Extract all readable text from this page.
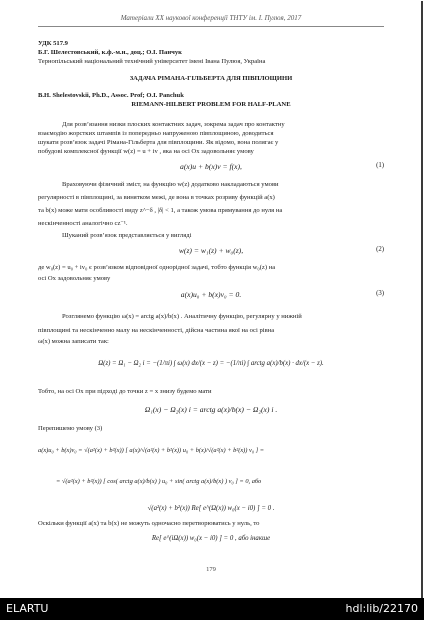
Матеріали XX наукової конференції ТНТУ ім. І. Пулюя, 2017
УДК 517.9
Б.Г. Шелестовський, к.ф.-м.н., доц.; О.І. Панчук
Тернопільський національний технічний університет імені Івана Пулюя, Україна
ЗАДАЧА РІМАНА-ГІЛЬБЕРТА ДЛЯ ПІВПЛОЩИНИ
B.H. Shelestovskii, Ph.D., Assoc. Prof; O.I. Panchuk
RIEMANN-HILBERT PROBLEM FOR HALF-PLANE
Для розв’язання низки плоских контактних задач, зокрема задач про контактну
взаємодію жорстких штампів із попередньо напруженою півплощиною, доводиться
шукати розв’язок задачі Рімана-Гільберта для півплощини. Як відомо, вона полягає у
побудові комплексної функції w(z) = u + iv , яка на осі Ox задовольняє умову
a(x)u + b(x)v = f(x),	(1)
Враховуючи фізичний зміст, на функцію w(z) додатково накладаються умови
регулярності в півплощині, за винятком межі, де вона в точках розриву функцій a(x)
та b(x) може мати особливості виду z^−δ , |δ| < 1, а також умова прямування до нуля на
нескінченності аналогічно cz⁻¹.
Шуканий розв’язок представляється у вигляді
w(z) = w₁(z) + w₀(z),	(2)
де w₀(z) = u₀ + iv₀ є розв’язком відповідної однорідної задачі, тобто функція w₀(z) на
осі Ox задовольняє умову
a(x)u₀ + b(x)v₀ = 0.	(3)
Розглянемо функцію ω(x) = arctg a(x)/b(x) . Аналітичну функцію, регулярну у нижній
півплощині та нескінченно малу на нескінченності, дійсна частина якої на осі рівна
ω(x) можна записати так:
Ω(z) = Ω₁ − Ω₂ i = −(1/πi) ∫ ω(x) dx/(x − z) = −(1/πi) ∫ arctg a(x)/b(x) · dx/(x − z).
Тобто, на осі Ox при підході до точки z = x знизу будемо мати
Ω₁(x) − Ω₂(x) i = arctg a(x)/b(x) − Ω₂(x) i .
Перепишемо умову (3)
a(x)u₀ + b(x)v₀ = √(a²(x) + b²(x)) [ a(x)/√(a²(x) + b²(x)) u₀ + b(x)/√(a²(x) + b²(x)) v₀ ] =
= √(a²(x) + b²(x)) [ cos( arctg a(x)/b(x) ) u₀ + sin( arctg a(x)/b(x) ) v₀ ] = 0, або
√(a²(x) + b²(x)) Re[ e^(Ω(x)) w₀(x − i0) ] = 0 .
Оскільки функції a(x) та b(x) не можуть одночасно перетворюватись у нуль, то
Re[ e^(iΩ(x)) w₀(x − i0) ] = 0 , або інакше
179
ELARTU	hdl:lib/22170
